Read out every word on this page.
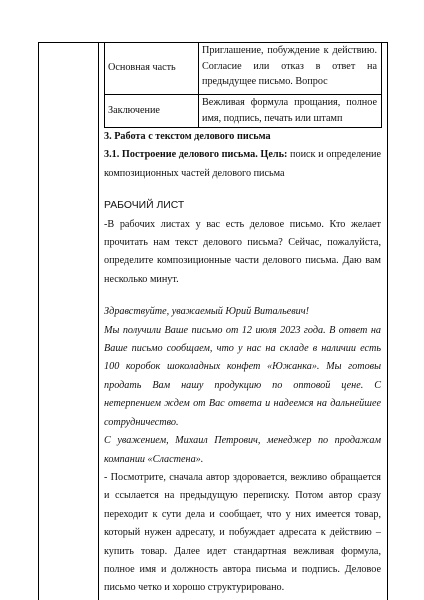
Основная часть
Приглашение, побуждение к действию. Согласие или отказ в ответ на предыдущее письмо. Вопрос
Заключение
Вежливая формула прощания, полное имя, подпись, печать или штамп

3. Работа с текстом делового письма

3.1. Построение делового письма. Цель: поиск и определение композиционных частей делового письма

РАБОЧИЙ ЛИСТ

-В рабочих листах у вас есть деловое письмо. Кто желает прочитать нам текст делового письма? Сейчас, пожалуйста, определите композиционные части делового письма. Даю вам несколько минут.

Здравствуйте, уважаемый Юрий Витальевич!

Мы получили Ваше письмо от 12 июля 2023 года. В ответ на Ваше письмо сообщаем, что у нас на складе в наличии есть 100 коробок шоколадных конфет «Южанка». Мы готовы продать Вам нашу продукцию по оптовой цене. С нетерпением ждем от Вас ответа и надеемся на дальнейшее сотрудничество.

С уважением, Михаил Петрович, менеджер по продажам компании «Сластена».

- Посмотрите, сначала автор здоровается, вежливо обращается и ссылается на предыдущую переписку. Потом автор сразу переходит к сути дела и сообщает, что у них имеется товар, который нужен адресату, и побуждает адресата к действию – купить товар. Далее идет стандартная вежливая формула, полное имя и должность автора письма и подпись. Деловое письмо четко и хорошо структурировано.
